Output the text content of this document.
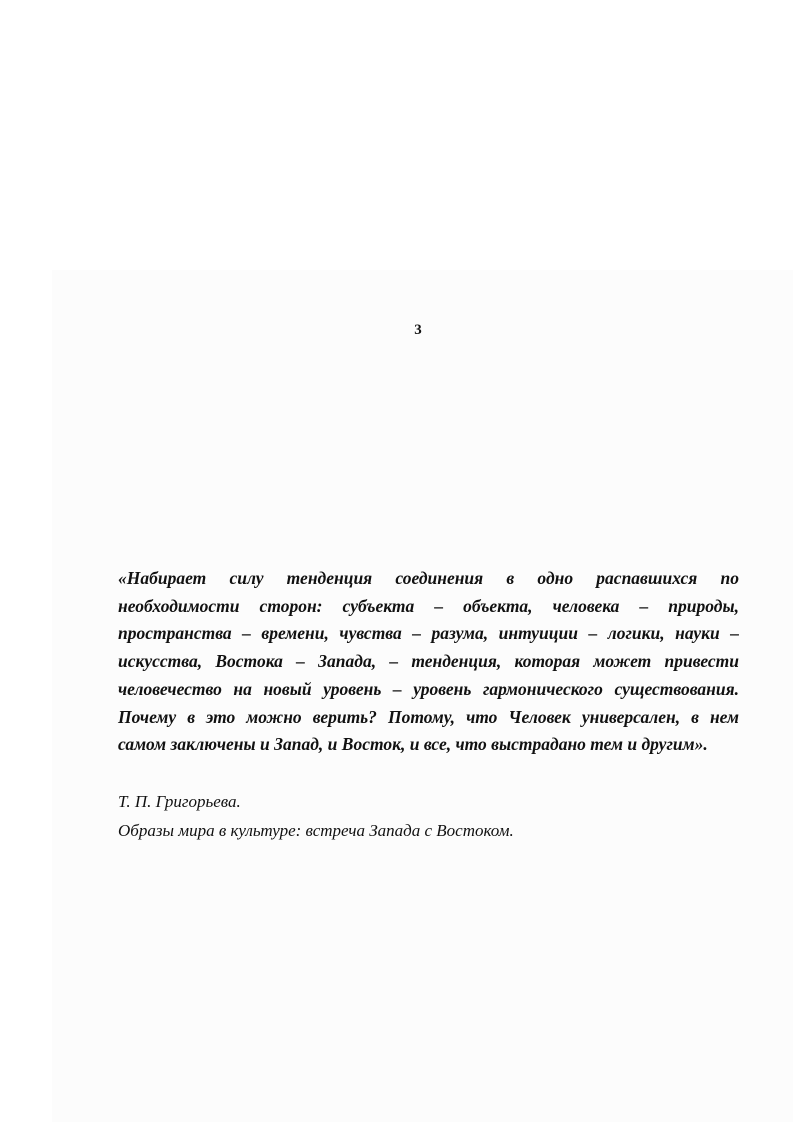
3
«Набирает силу тенденция соединения в одно распавшихся по
необходимости сторон: субъекта – объекта, человека – природы,
пространства – времени, чувства – разума, интуиции – логики, науки –
искусства, Востока – Запада, – тенденция, которая может привести
человечество на новый уровень – уровень гармонического существования.
Почему в это можно верить? Потому, что Человек универсален, в нем
самом заключены и Запад, и Восток, и все, что выстрадано тем и другим».
Т. П. Григорьева.
Образы мира в культуре: встреча Запада с Востоком.
